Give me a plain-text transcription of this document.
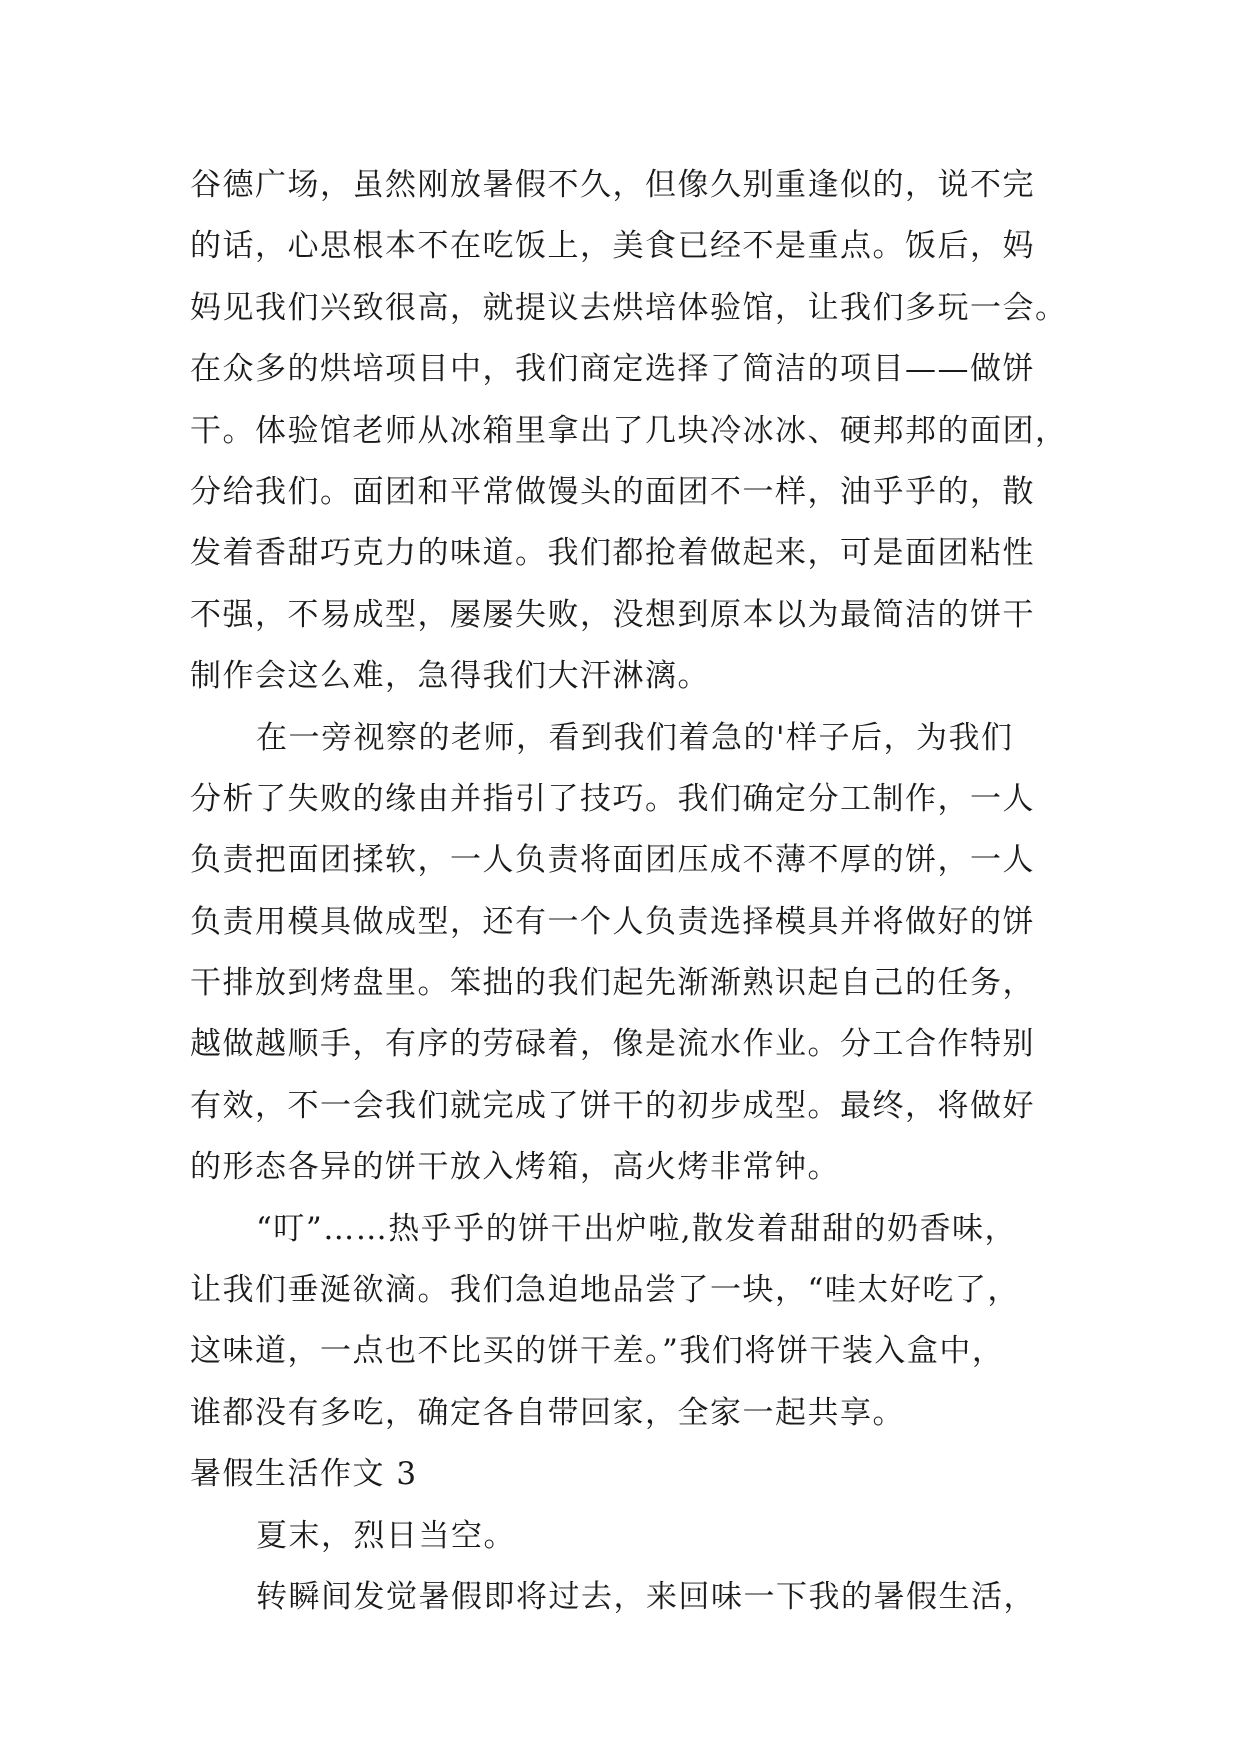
谷德广场，虽然刚放暑假不久，但像久别重逢似的，说不完
的话，心思根本不在吃饭上，美食已经不是重点。饭后，妈
妈见我们兴致很高，就提议去烘培体验馆，让我们多玩一会。
在众多的烘培项目中，我们商定选择了简洁的项目——做饼
干。体验馆老师从冰箱里拿出了几块冷冰冰、硬邦邦的面团，
分给我们。面团和平常做馒头的面团不一样，油乎乎的，散
发着香甜巧克力的味道。我们都抢着做起来，可是面团粘性
不强，不易成型，屡屡失败，没想到原本以为最简洁的饼干
制作会这么难，急得我们大汗淋漓。
在一旁视察的老师，看到我们着急的'样子后，为我们
分析了失败的缘由并指引了技巧。我们确定分工制作，一人
负责把面团揉软，一人负责将面团压成不薄不厚的饼，一人
负责用模具做成型，还有一个人负责选择模具并将做好的饼
干排放到烤盘里。笨拙的我们起先渐渐熟识起自己的任务，
越做越顺手，有序的劳碌着，像是流水作业。分工合作特别
有效，不一会我们就完成了饼干的初步成型。最终，将做好
的形态各异的饼干放入烤箱，高火烤非常钟。
“叮”……热乎乎的饼干出炉啦,散发着甜甜的奶香味，
让我们垂涎欲滴。我们急迫地品尝了一块，“哇太好吃了，
这味道，一点也不比买的饼干差。”我们将饼干装入盒中，
谁都没有多吃，确定各自带回家，全家一起共享。
暑假生活作文 3
夏末，烈日当空。
转瞬间发觉暑假即将过去，来回味一下我的暑假生活，
